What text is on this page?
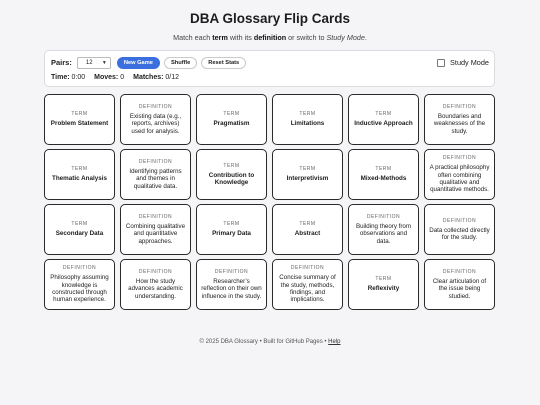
DBA Glossary Flip Cards
Match each term with its definition or switch to Study Mode.
Pairs: 12 ▼	New Game	Shuffle	Reset Stats	Study Mode
Time: 0:00 Moves: 0 Matches: 0/12
TERM
Problem Statement
DEFINITION
Existing data (e.g., reports, archives) used for analysis.
TERM
Pragmatism
TERM
Limitations
TERM
Inductive Approach
DEFINITION
Boundaries and weaknesses of the study.
TERM
Thematic Analysis
DEFINITION
Identifying patterns and themes in qualitative data.
TERM
Contribution to Knowledge
TERM
Interpretivism
TERM
Mixed-Methods
DEFINITION
A practical philosophy often combining qualitative and quantitative methods.
TERM
Secondary Data
DEFINITION
Combining qualitative and quantitative approaches.
TERM
Primary Data
TERM
Abstract
DEFINITION
Building theory from observations and data.
DEFINITION
Data collected directly for the study.
DEFINITION
Philosophy assuming knowledge is constructed through human experience.
DEFINITION
How the study advances academic understanding.
DEFINITION
Researcher’s reflection on their own influence in the study.
DEFINITION
Concise summary of the study, methods, findings, and implications.
TERM
Reflexivity
DEFINITION
Clear articulation of the issue being studied.
© 2025 DBA Glossary • Built for GitHub Pages • Help
